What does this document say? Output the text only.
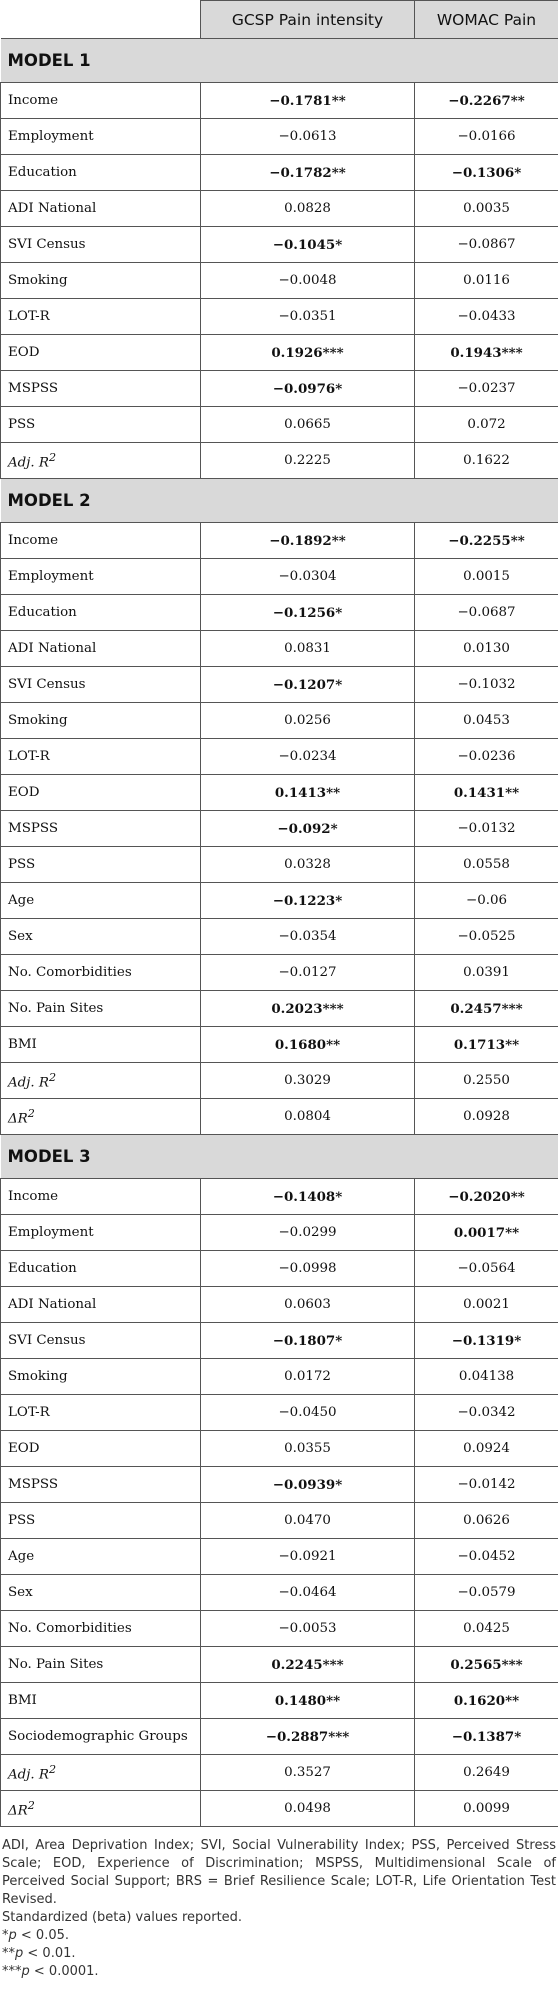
	GCSP Pain intensity	WOMAC Pain
MODEL 1		
Income	−0.1781**	−0.2267**
Employment	−0.0613	−0.0166
Education	−0.1782**	−0.1306*
ADI National	0.0828	0.0035
SVI Census	−0.1045*	−0.0867
Smoking	−0.0048	0.0116
LOT-R	−0.0351	−0.0433
EOD	0.1926***	0.1943***
MSPSS	−0.0976*	−0.0237
PSS	0.0665	0.072
Adj. $R^2$	0.2225	0.1622
MODEL 2		
Income	−0.1892**	−0.2255**
Employment	−0.0304	0.0015
Education	−0.1256*	−0.0687
ADI National	0.0831	0.0130
SVI Census	−0.1207*	−0.1032
Smoking	0.0256	0.0453
LOT-R	−0.0234	−0.0236
EOD	0.1413**	0.1431**
MSPSS	−0.092*	−0.0132
PSS	0.0328	0.0558
Age	−0.1223*	−0.06
Sex	−0.0354	−0.0525
No. Comorbidities	−0.0127	0.0391
No. Pain Sites	0.2023***	0.2457***
BMI	0.1680**	0.1713**
Adj. $R^2$	0.3029	0.2550
$\Delta R^2$	0.0804	0.0928
MODEL 3		
Income	−0.1408*	−0.2020**
Employment	−0.0299	0.0017**
Education	−0.0998	−0.0564
ADI National	0.0603	0.0021
SVI Census	−0.1807*	−0.1319*
Smoking	0.0172	0.04138
LOT-R	−0.0450	−0.0342
EOD	0.0355	0.0924
MSPSS	−0.0939*	−0.0142
PSS	0.0470	0.0626
Age	−0.0921	−0.0452
Sex	−0.0464	−0.0579
No. Comorbidities	−0.0053	0.0425
No. Pain Sites	0.2245***	0.2565***
BMI	0.1480**	0.1620**
Sociodemographic Groups	−0.2887***	−0.1387*
Adj. $R^2$	0.3527	0.2649
$\Delta R^2$	0.0498	0.0099

ADI, Area Deprivation Index; SVI, Social Vulnerability Index; PSS, Perceived Stress Scale; EOD, Experience of Discrimination; MSPSS, Multidimensional Scale of Perceived Social Support; BRS = Brief Resilience Scale; LOT-R, Life Orientation Test Revised.

Standardized (beta) values reported.

*p < 0.05.

**p < 0.01.

***p < 0.0001.
